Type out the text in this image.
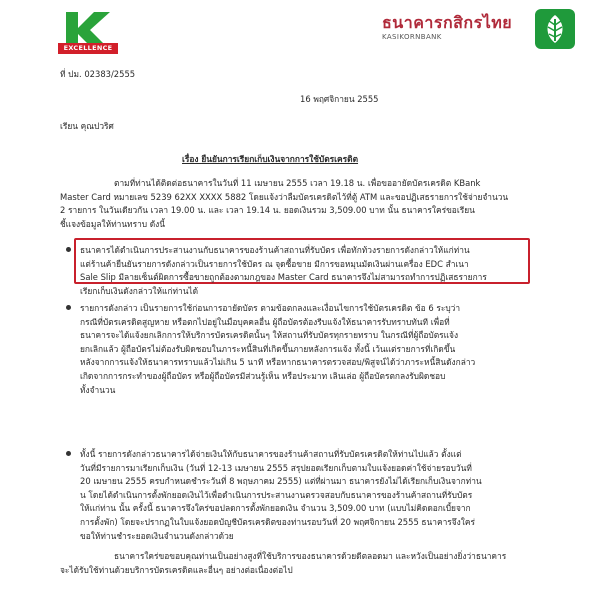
EXCELLENCE
ธนาคารกสิกรไทย
KASIKORNBANK
ที่ ปม. 02383/2555
16 พฤศจิกายน 2555
เรียน คุณปวริศ
เรื่อง ยืนยันการเรียกเก็บเงินจากการใช้บัตรเครดิต
ตามที่ท่านได้ติดต่อธนาคารในวันที่ 11 เมษายน 2555 เวลา 19.18 น. เพื่อขออายัดบัตรเครดิต KBank
Master Card หมายเลข 5239 62XX XXXX 5882 โดยแจ้งว่าลืมบัตรเครดิตไว้ที่ตู้ ATM และขอปฏิเสธรายการใช้จ่ายจำนวน
2 รายการ ในวันเดียวกัน เวลา 19.00 น. และ เวลา 19.14 น. ยอดเงินรวม 3,509.00 บาท นั้น ธนาคารใคร่ขอเรียน
ชี้แจงข้อมูลให้ท่านทราบ ดังนี้
ธนาคารได้ดำเนินการประสานงานกับธนาคารของร้านค้าสถานที่รับบัตร เพื่อทักท้วงรายการดังกล่าวให้แก่ท่าน
แต่ร้านค้ายืนยันรายการดังกล่าวเป็นรายการใช้บัตร ณ จุดซื้อขาย มีการขอหมุนมัดเงินผ่านเครื่อง EDC สำเนา
Sale Slip มีลายเซ็นต์ผิดการซื้อขายถูกต้องตามกฎของ Master Card ธนาคารจึงไม่สามารถทำการปฏิเสธรายการ
เรียกเก็บเงินดังกล่าวให้แก่ท่านได้
รายการดังกล่าว เป็นรายการใช้ก่อนการอายัดบัตร ตามข้อตกลงและเงื่อนไขการใช้บัตรเครดิต ข้อ 6 ระบุว่า
กรณีที่บัตรเครดิตสูญหาย หรือตกไปอยู่ในมือบุคคลอื่น ผู้ถือบัตรต้องรีบแจ้งให้ธนาคารรับทราบทันที เพื่อที่
ธนาคารจะได้แจ้งยกเลิกการให้บริการบัตรเครดิตนั้นๆ ให้สถานที่รับบัตรทุกรายทราบ ในกรณีที่ผู้ถือบัตรแจ้ง
ยกเลิกแล้ว ผู้ถือบัตรไม่ต้องรับผิดชอบในภาระหนี้สินที่เกิดขึ้นภายหลังการแจ้ง ทั้งนี้ เว้นแต่รายการที่เกิดขึ้น
หลังจากการแจ้งให้ธนาคารทราบแล้วไม่เกิน 5 นาที หรือหากธนาคารตรวจสอบ/พิสูจน์ได้ว่าภาระหนี้สินดังกล่าว
เกิดจากการกระทำของผู้ถือบัตร หรือผู้ถือบัตรมีส่วนรู้เห็น หรือประมาท เลินเล่อ ผู้ถือบัตรตกลงรับผิดชอบ
ทั้งจำนวน
ทั้งนี้ รายการดังกล่าวธนาคารได้จ่ายเงินให้กับธนาคารของร้านค้าสถานที่รับบัตรเครดิตให้ท่านไปแล้ว ตั้งแต่
วันที่มีรายการมาเรียกเก็บเงิน (วันที่ 12-13 เมษายน 2555 สรุปยอดเรียกเก็บตามใบแจ้งยอดค่าใช้จ่ายรอบวันที่
20 เมษายน 2555 ครบกำหนดชำระวันที่ 8 พฤษภาคม 2555) แต่ที่ผ่านมา ธนาคารยังไม่ได้เรียกเก็บเงินจากท่าน
น โดยได้ดำเนินการตั้งพักยอดเงินไว้เพื่อดำเนินการประสานงานตรวจสอบกับธนาคารของร้านค้าสถานที่รับบัตร
ให้แก่ท่าน นั้น ครั้งนี้ ธนาคารจึงใคร่ขอปลดการตั้งพักยอดเงิน จำนวน 3,509.00 บาท (แบบไม่คิดดอกเบี้ยจาก
การตั้งพัก) โดยจะปรากฏในใบแจ้งยอดบัญชีบัตรเครดิตของท่านรอบวันที่ 20 พฤศจิกายน 2555 ธนาคารจึงใคร่
ขอให้ท่านชำระยอดเงินจำนวนดังกล่าวด้วย
ธนาคารใคร่ขอขอบคุณท่านเป็นอย่างสูงที่ใช้บริการของธนาคารด้วยดีตลอดมา และหวังเป็นอย่างยิ่งว่าธนาคาร
จะได้รับใช้ท่านด้วยบริการบัตรเครดิตและอื่นๆ อย่างต่อเนื่องต่อไป
